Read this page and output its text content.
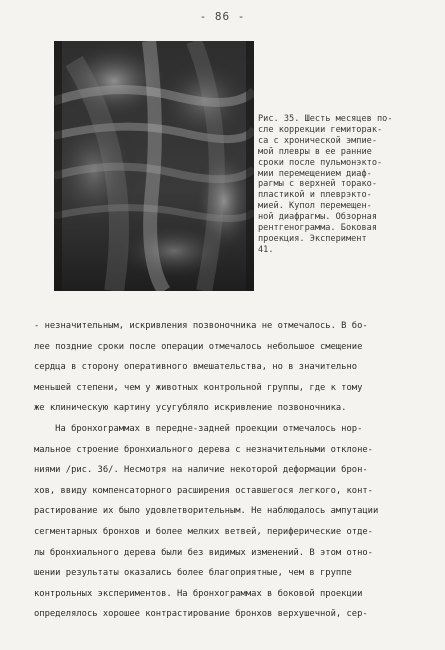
- 86 -
Рис. 35. Шесть месяцев по-
сле коррекции гемиторак-
са с хронической эмпие-
мой плевры в ее ранние
сроки после пульмонэкто-
мии перемещением диаф-
рагмы с верхней торако-
пластикой и плеврэкто-
мией. Купол перемещен-
ной диафрагмы. Обзорная
рентгенограмма. Боковая
проекция. Эксперимент
41.
- незначительным, искривления позвоночника не отмечалось. В бо-
лее поздние сроки после операции отмечалось небольшое смещение
сердца в сторону оперативного вмешательства, но в значительно
меньшей степени, чем у животных контрольной группы, где к тому
же клиническую картину усугубляло искривление позвоночника.
На бронхограммах в передне-задней проекции отмечалось нор-
мальное строение бронхиального дерева с незначительными отклоне-
ниями /рис. 36/. Несмотря на наличие некоторой деформации брон-
хов, ввиду компенсаторного расширения оставшегося легкого, конт-
растирование их было удовлетворительным. Не наблюдалось ампутации
сегментарных бронхов и более мелких ветвей, периферические отде-
лы бронхиального дерева были без видимых изменений. В этом отно-
шении результаты оказались более благоприятные, чем в группе
контрольных экспериментов. На бронхограммах в боковой проекции
определялось хорошее контрастирование бронхов верхушечной, сер-
